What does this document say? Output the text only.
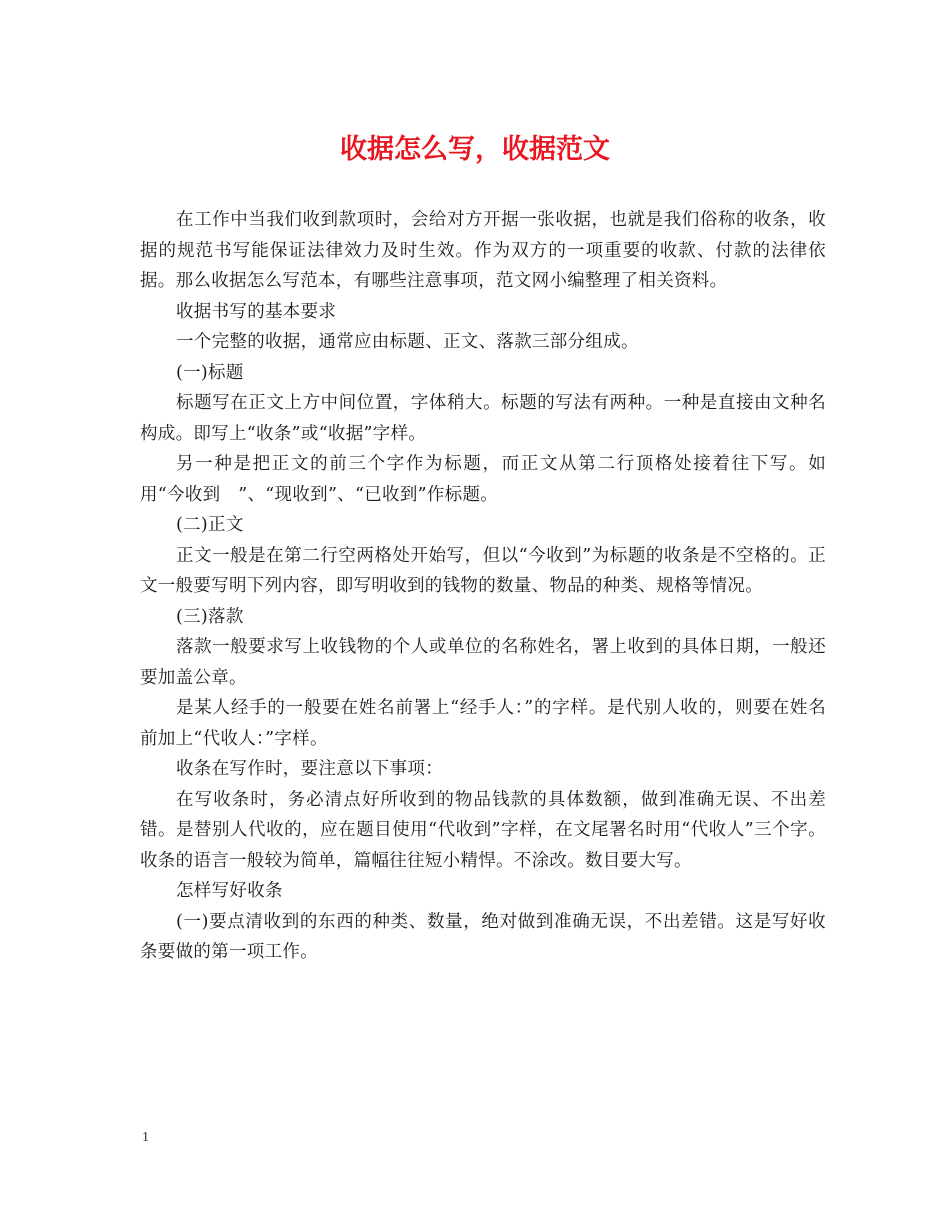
收据怎么写，收据范文

在工作中当我们收到款项时，会给对方开据一张收据，也就是我们俗称的收条，收据的规范书写能保证法律效力及时生效。作为双方的一项重要的收款、付款的法律依据。那么收据怎么写范本，有哪些注意事项，范文网小编整理了相关资料。

收据书写的基本要求

一个完整的收据，通常应由标题、正文、落款三部分组成。

(一)标题

标题写在正文上方中间位置，字体稍大。标题的写法有两种。一种是直接由文种名构成。即写上“收条”或“收据”字样。

另一种是把正文的前三个字作为标题，而正文从第二行顶格处接着往下写。如用“今收到　”、“现收到”、“已收到”作标题。

(二)正文

正文一般是在第二行空两格处开始写，但以“今收到”为标题的收条是不空格的。正文一般要写明下列内容，即写明收到的钱物的数量、物品的种类、规格等情况。

(三)落款

落款一般要求写上收钱物的个人或单位的名称姓名，署上收到的具体日期，一般还要加盖公章。

是某人经手的一般要在姓名前署上“经手人：”的字样。是代别人收的，则要在姓名前加上“代收人：”字样。

收条在写作时，要注意以下事项：

在写收条时，务必清点好所收到的物品钱款的具体数额，做到准确无误、不出差错。是替别人代收的，应在题目使用“代收到”字样，在文尾署名时用“代收人”三个字。收条的语言一般较为简单，篇幅往往短小精悍。不涂改。数目要大写。

怎样写好收条

(一)要点清收到的东西的种类、数量，绝对做到准确无误，不出差错。这是写好收条要做的第一项工作。

1
